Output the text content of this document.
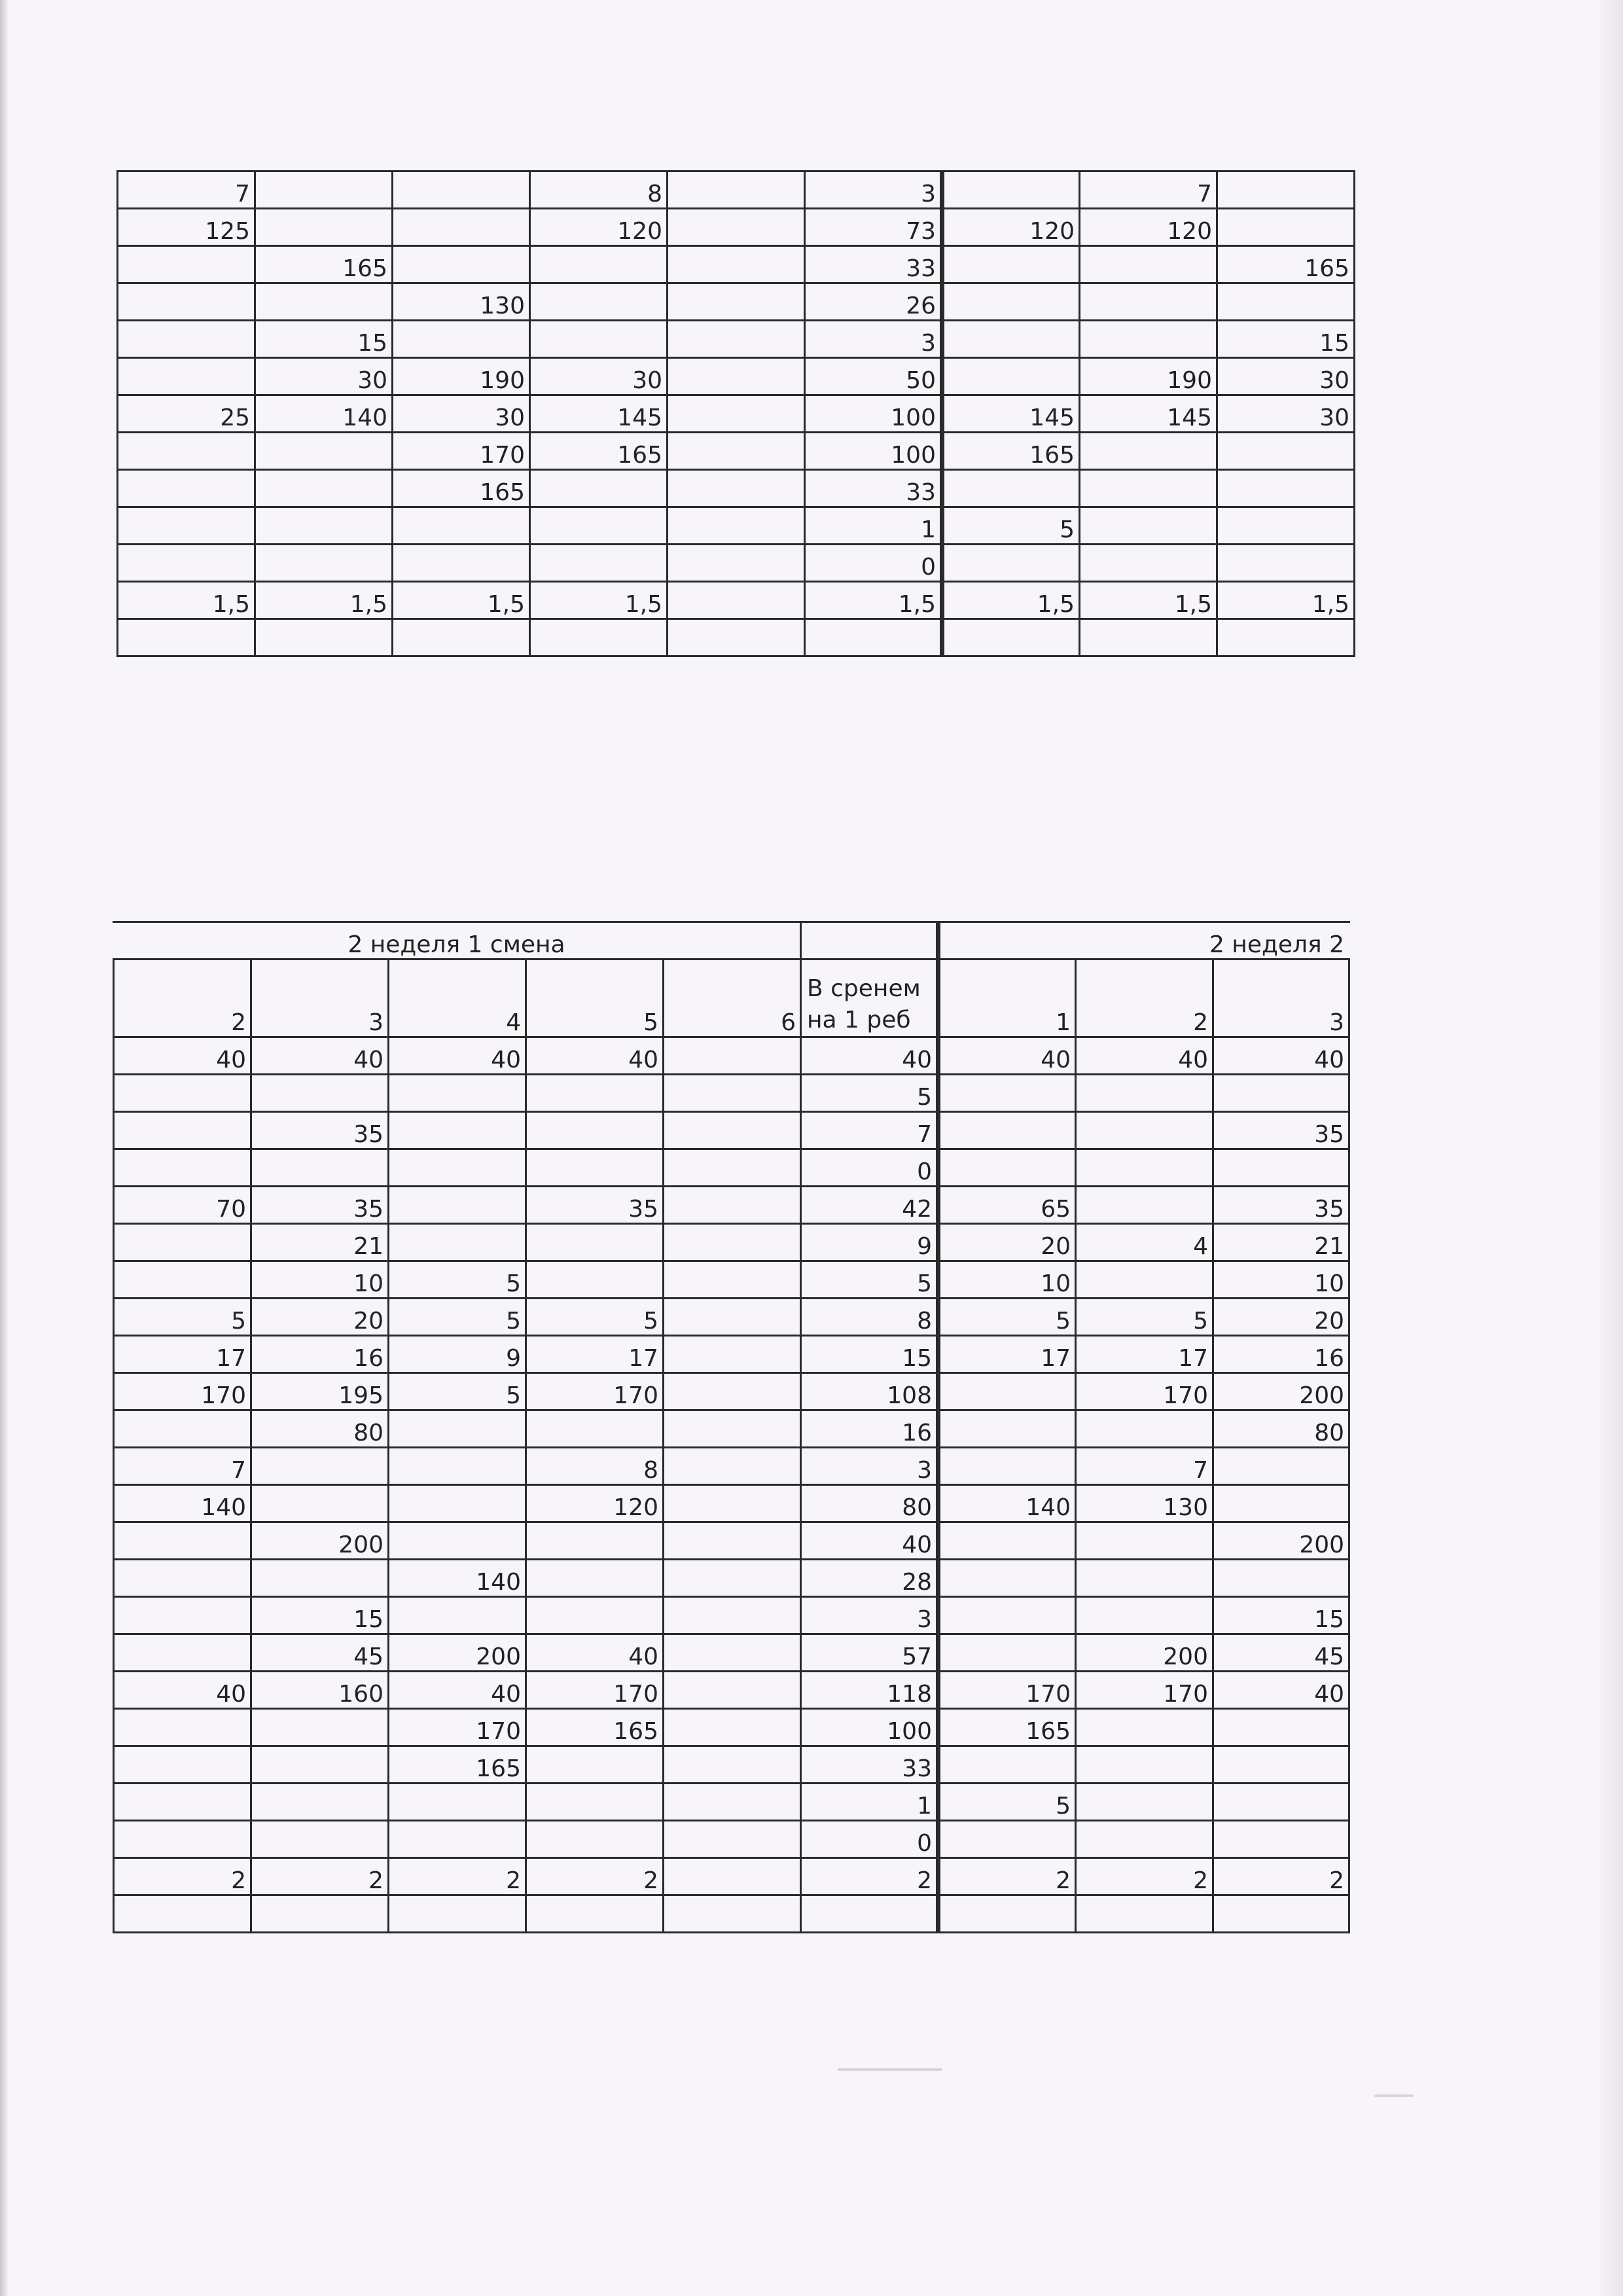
7			8		3		7	
125			120		73	120	120	
	165				33			165
		130			26			
	15				3			15
	30	190	30		50		190	30
25	140	30	145		100	145	145	30
		170	165		100	165		
		165			33			
					1	5		
					0			
1,5	1,5	1,5	1,5		1,5	1,5	1,5	1,5

2 неделя 1 смена						2 неделя 2		
2	3	4	5	6	В сренем на 1 реб	1	2	3
40	40	40	40		40	40	40	40
					5			
	35				7			35
					0			
70	35		35		42	65		35
	21				9	20	4	21
	10	5			5	10		10
5	20	5	5		8	5	5	20
17	16	9	17		15	17	17	16
170	195	5	170		108		170	200
	80				16			80
7			8		3		7	
140			120		80	140	130	
	200				40			200
		140			28			
	15				3			15
	45	200	40		57		200	45
40	160	40	170		118	170	170	40
		170	165		100	165		
		165			33			
					1	5		
					0			
2	2	2	2		2	2	2	2
